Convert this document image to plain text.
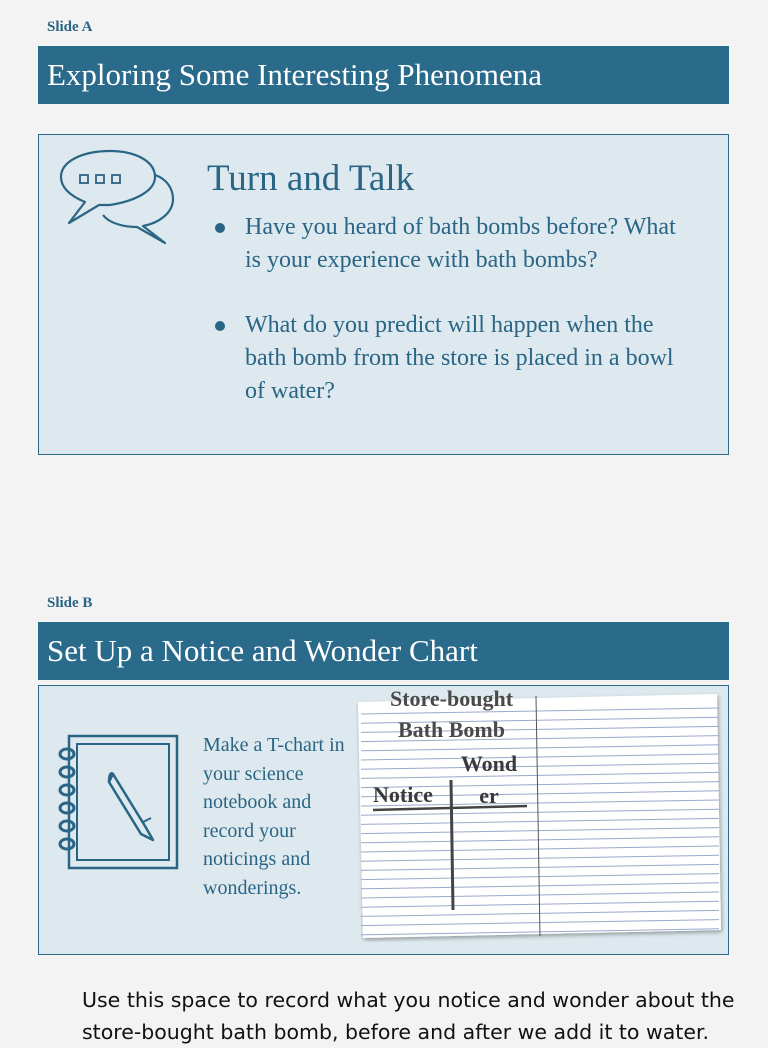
Slide A
Exploring Some Interesting Phenomena
Turn and Talk
Have you heard of bath bombs before? What is your experience with bath bombs?
What do you predict will happen when the bath bomb from the store is placed in a bowl of water?
Slide B
Set Up a Notice and Wonder Chart
Make a T-chart in your science notebook and record your noticings and wonderings.
Store-bought Bath Bomb
Notice
Wonder
Use this space to record what you notice and wonder about the store-bought bath bomb, before and after we add it to water.
